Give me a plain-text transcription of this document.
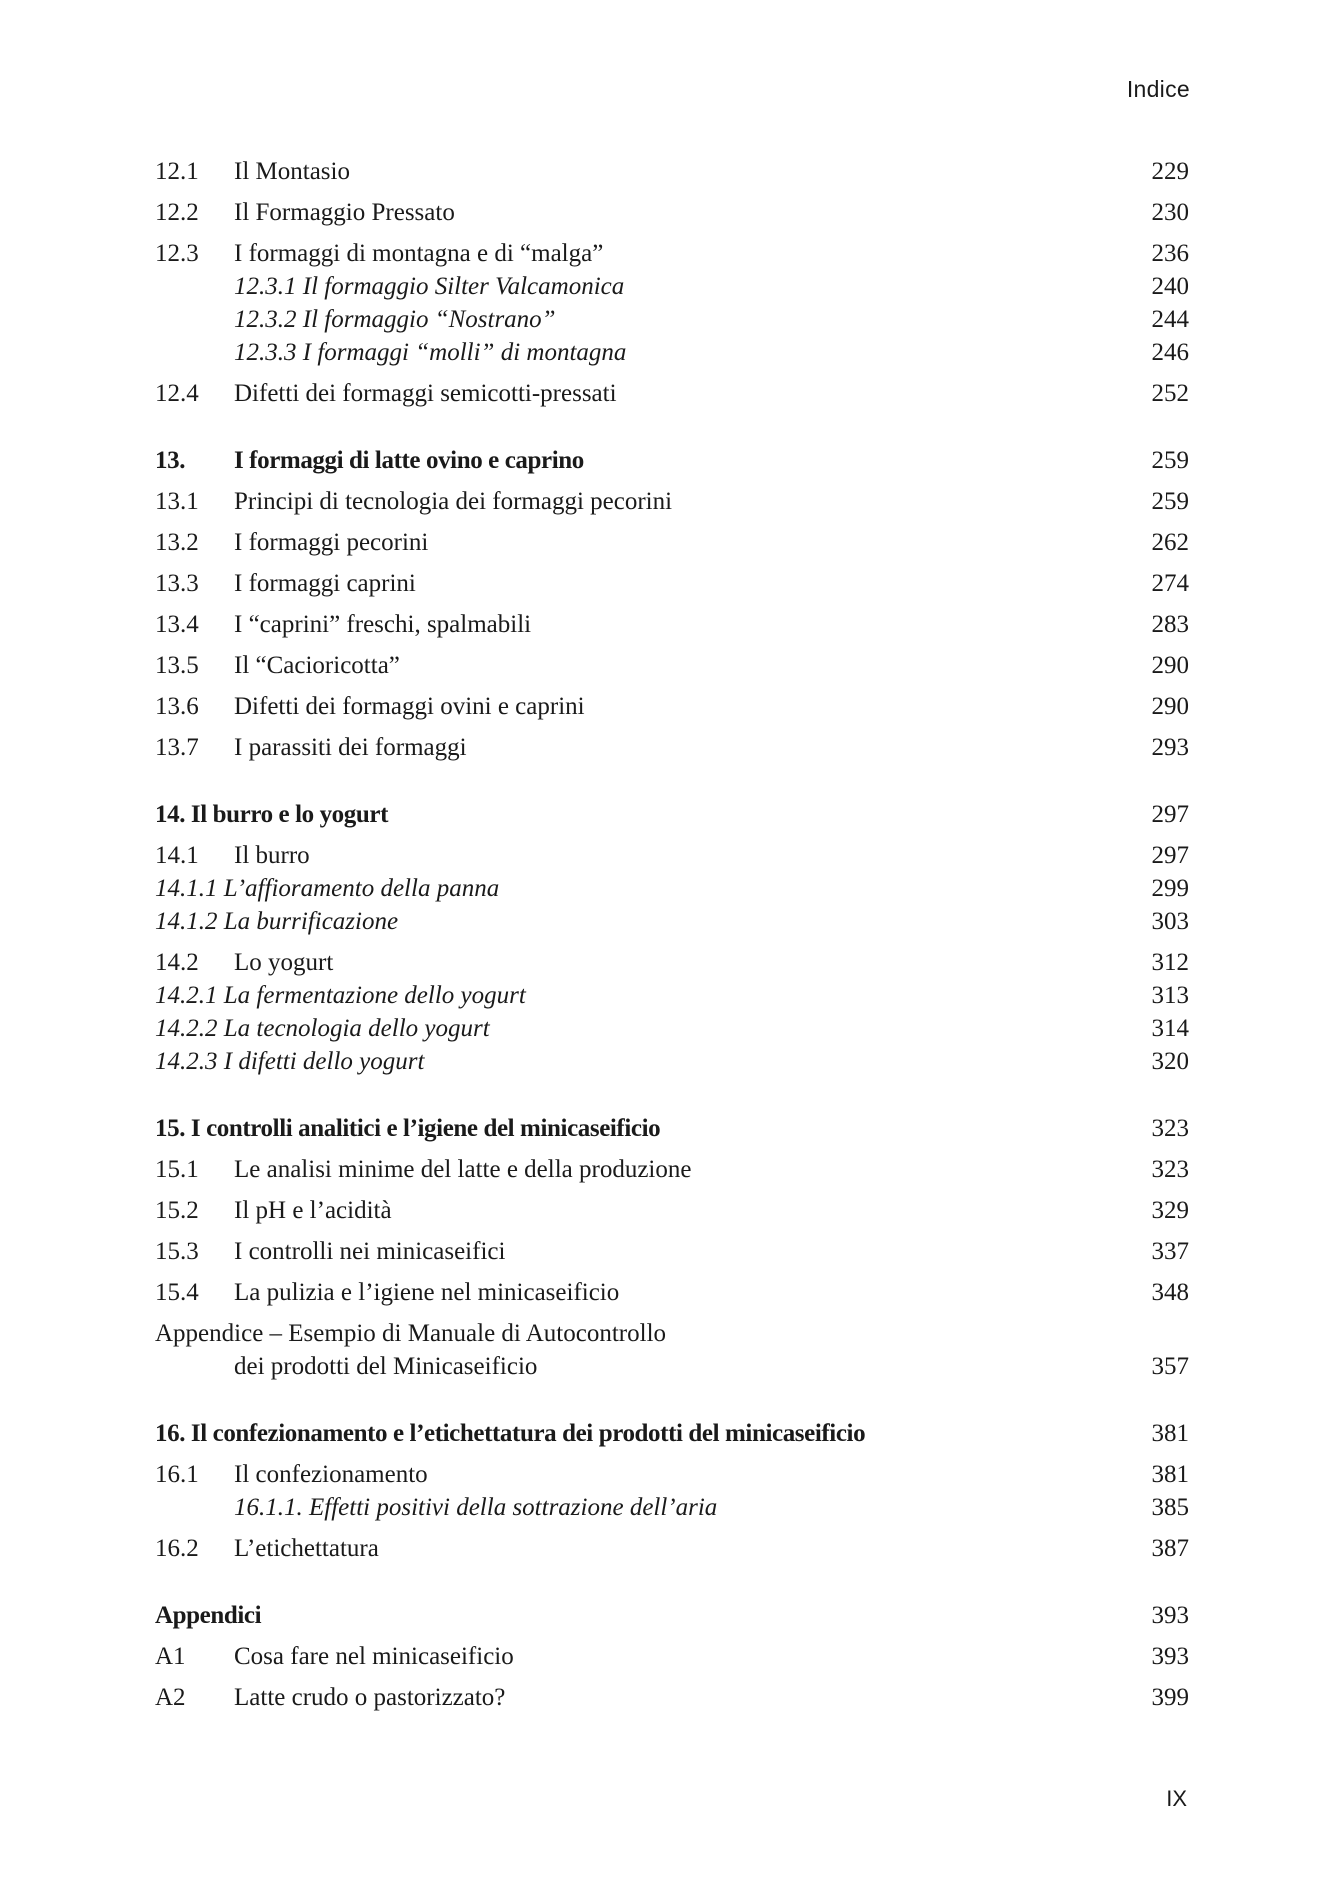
Indice
12.1 Il Montasio	229
12.2 Il Formaggio Pressato	230
12.3 I formaggi di montagna e di “malga”	236
12.3.1 Il formaggio Silter Valcamonica	240
12.3.2 Il formaggio “Nostrano”	244
12.3.3 I formaggi “molli” di montagna	246
12.4 Difetti dei formaggi semicotti-pressati	252
13. I formaggi di latte ovino e caprino	259
13.1 Principi di tecnologia dei formaggi pecorini	259
13.2 I formaggi pecorini	262
13.3 I formaggi caprini	274
13.4 I “caprini” freschi, spalmabili	283
13.5 Il “Cacioricotta”	290
13.6 Difetti dei formaggi ovini e caprini	290
13.7 I parassiti dei formaggi	293
14. Il burro e lo yogurt	297
14.1 Il burro	297
14.1.1 L’affioramento della panna	299
14.1.2 La burrificazione	303
14.2 Lo yogurt	312
14.2.1 La fermentazione dello yogurt	313
14.2.2 La tecnologia dello yogurt	314
14.2.3 I difetti dello yogurt	320
15. I controlli analitici e l’igiene del minicaseificio	323
15.1 Le analisi minime del latte e della produzione	323
15.2 Il pH e l’acidità	329
15.3 I controlli nei minicaseifici	337
15.4 La pulizia e l’igiene nel minicaseificio	348
Appendice – Esempio di Manuale di Autocontrollo
dei prodotti del Minicaseificio	357
16. Il confezionamento e l’etichettatura dei prodotti del minicaseificio	381
16.1 Il confezionamento	381
16.1.1. Effetti positivi della sottrazione dell’aria	385
16.2 L’etichettatura	387
Appendici	393
A1 Cosa fare nel minicaseificio	393
A2 Latte crudo o pastorizzato?	399
IX
